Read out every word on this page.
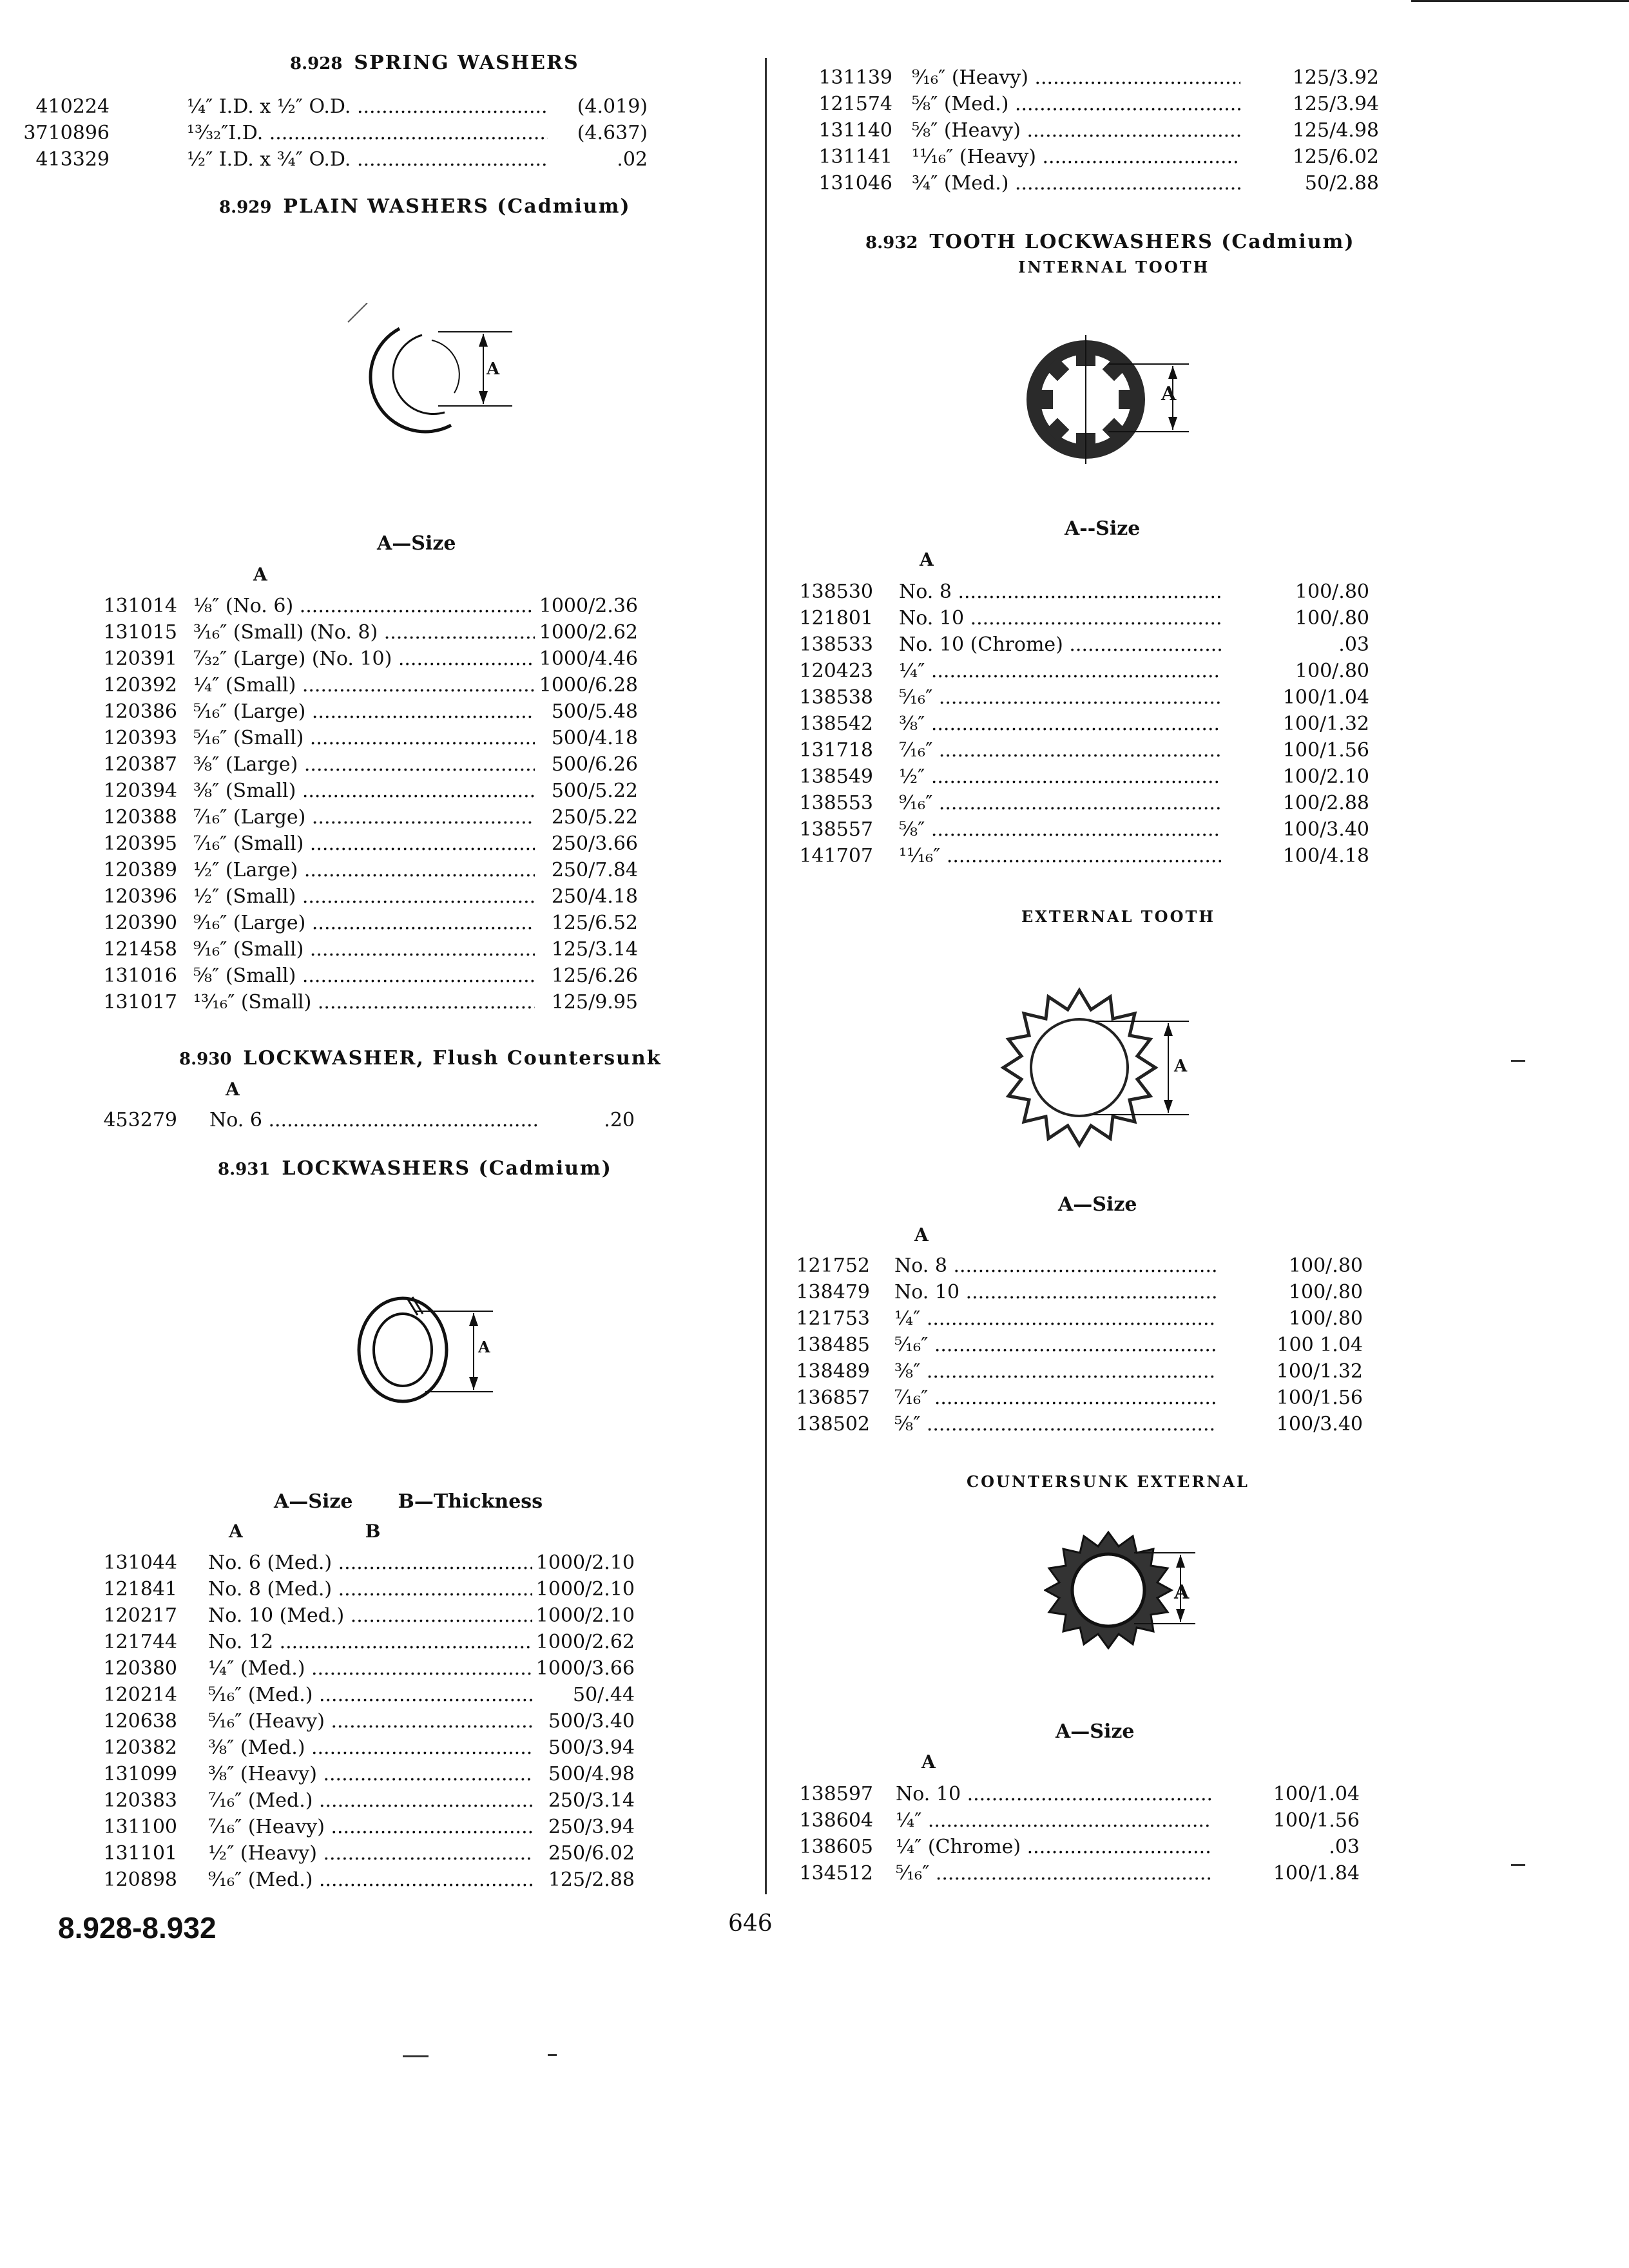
8.928 SPRING WASHERS
410224	¼″ I.D. x ½″ O.D. .....	(4.019)
3710896	¹³⁄₃₂″I.D. .....	(4.637)
413329	½″ I.D. x ¾″ O.D. .....	.02
8.929 PLAIN WASHERS (Cadmium)
A
A—Size
A
131014 ⅛″ (No. 6) .....	1000/2.36
131015 ³⁄₁₆″ (Small) (No. 8) .....	1000/2.62
120391 ⁷⁄₃₂″ (Large) (No. 10) .....	1000/4.46
120392 ¼″ (Small) .....	1000/6.28
120386 ⁵⁄₁₆″ (Large) .....	500/5.48
120393 ⁵⁄₁₆″ (Small) .....	500/4.18
120387 ⅜″ (Large) .....	500/6.26
120394 ⅜″ (Small) .....	500/5.22
120388 ⁷⁄₁₆″ (Large) .....	250/5.22
120395 ⁷⁄₁₆″ (Small) .....	250/3.66
120389 ½″ (Large) .....	250/7.84
120396 ½″ (Small) .....	250/4.18
120390 ⁹⁄₁₆″ (Large) .....	125/6.52
121458 ⁹⁄₁₆″ (Small) .....	125/3.14
131016 ⅝″ (Small) .....	125/6.26
131017 ¹³⁄₁₆″ (Small) .....	125/9.95
8.930 LOCKWASHER, Flush Countersunk
A
453279 No. 6 .....	.20
8.931 LOCKWASHERS (Cadmium)
A
A—Size B—Thickness
A	B
131044 No. 6 (Med.) .....	1000/2.10
121841 No. 8 (Med.) .....	1000/2.10
120217 No. 10 (Med.) .....	1000/2.10
121744 No. 12 .....	1000/2.62
120380 ¼″ (Med.) .....	1000/3.66
120214 ⁵⁄₁₆″ (Med.) .....	50/.44
120638 ⁵⁄₁₆″ (Heavy) .....	500/3.40
120382 ⅜″ (Med.) .....	500/3.94
131099 ⅜″ (Heavy) .....	500/4.98
120383 ⁷⁄₁₆″ (Med.) .....	250/3.14
131100 ⁷⁄₁₆″ (Heavy) .....	250/3.94
131101 ½″ (Heavy) .....	250/6.02
120898 ⁹⁄₁₆″ (Med.) .....	125/2.88
131139 ⁹⁄₁₆″ (Heavy) .....	125/3.92
121574 ⅝″ (Med.) .....	125/3.94
131140 ⅝″ (Heavy) .....	125/4.98
131141 ¹¹⁄₁₆″ (Heavy) .....	125/6.02
131046 ¾″ (Med.) .....	50/2.88
8.932 TOOTH LOCKWASHERS (Cadmium)
INTERNAL TOOTH
A
A--Size
A
138530 No. 8 .....	100/.80
121801 No. 10 .....	100/.80
138533 No. 10 (Chrome) .....	.03
120423 ¼″ .....	100/.80
138538 ⁵⁄₁₆″ .....	100/1.04
138542 ⅜″ .....	100/1.32
131718 ⁷⁄₁₆″ .....	100/1.56
138549 ½″ .....	100/2.10
138553 ⁹⁄₁₆″ .....	100/2.88
138557 ⅝″ .....	100/3.40
141707 ¹¹⁄₁₆″ .....	100/4.18
EXTERNAL TOOTH
A
A—Size
A
121752 No. 8 .....	100/.80
138479 No. 10 .....	100/.80
121753 ¼″ .....	100/.80
138485 ⁵⁄₁₆″ .....	100 1.04
138489 ⅜″ .....	100/1.32
136857 ⁷⁄₁₆″ .....	100/1.56
138502 ⅝″ .....	100/3.40
COUNTERSUNK EXTERNAL
A
A—Size
A
138597 No. 10 .....	100/1.04
138604 ¼″ .....	100/1.56
138605 ¼″ (Chrome) .....	.03
134512 ⁵⁄₁₆″ .....	100/1.84
8.928-8.932	646
